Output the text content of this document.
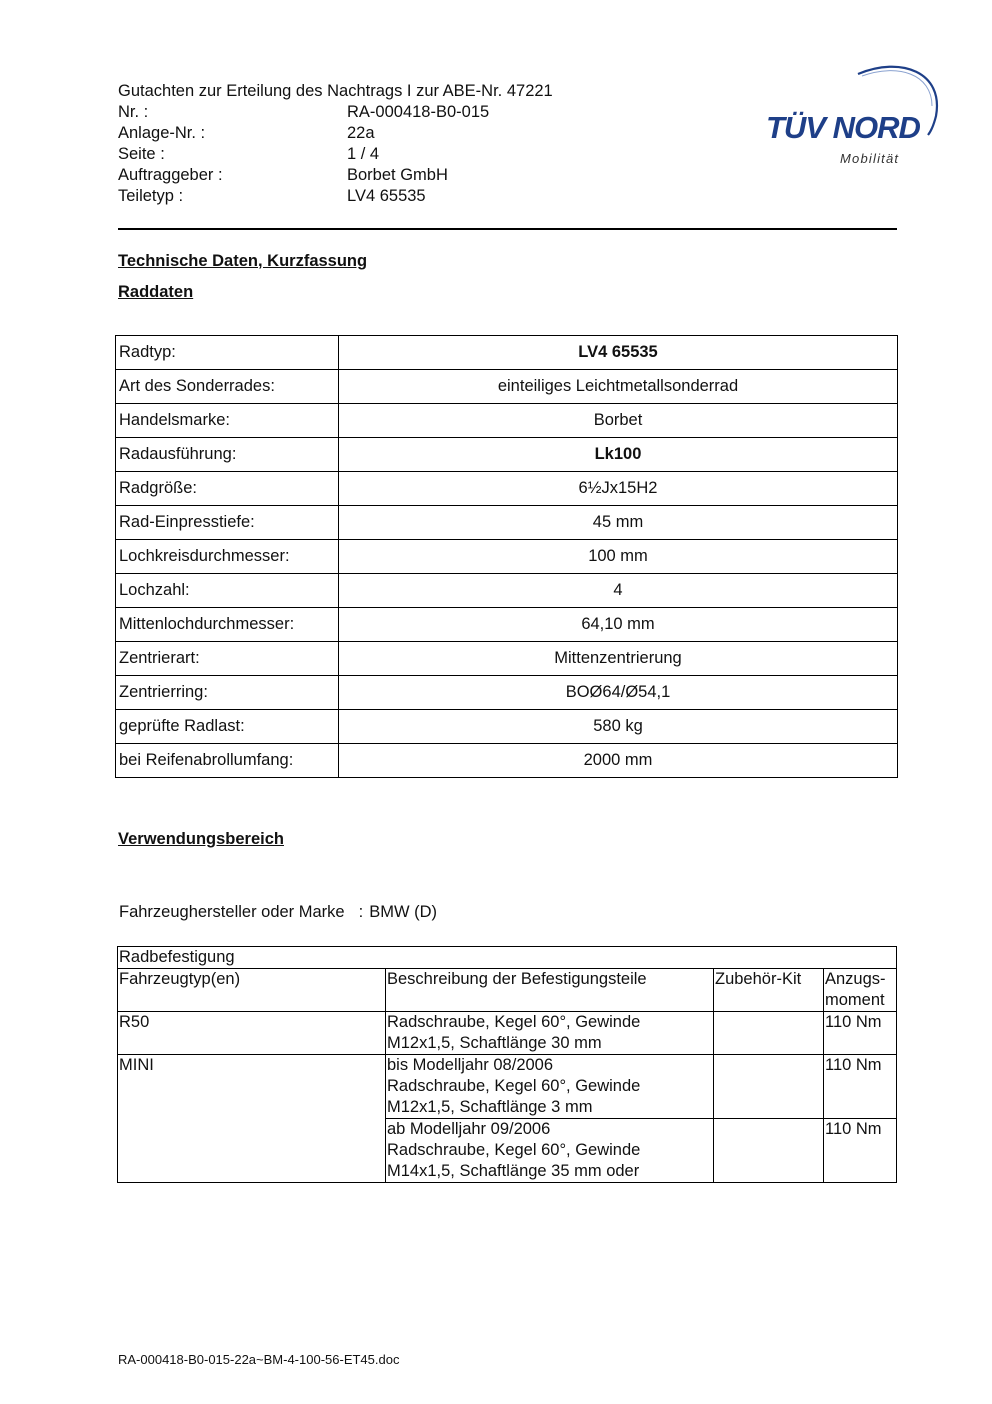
Gutachten zur Erteilung des Nachtrags I zur ABE-Nr. 47221
Nr. :	RA-000418-B0-015
Anlage-Nr. :	22a
Seite :	1 / 4
Auftraggeber :	Borbet GmbH
Teiletyp :	LV4 65535
TÜV NORD
Mobilität
Technische Daten, Kurzfassung
Raddaten
Radtyp:	LV4 65535
Art des Sonderrades:	einteiliges Leichtmetallsonderrad
Handelsmarke:	Borbet
Radausführung:	Lk100
Radgröße:	6½Jx15H2
Rad-Einpresstiefe:	45 mm
Lochkreisdurchmesser:	100 mm
Lochzahl:	4
Mittenlochdurchmesser:	64,10 mm
Zentrierart:	Mittenzentrierung
Zentrierring:	BOØ64/Ø54,1
geprüfte Radlast:	580 kg
bei Reifenabrollumfang:	2000 mm
Verwendungsbereich
Fahrzeughersteller oder Marke : BMW (D)
Radbefestigung			
Fahrzeugtyp(en)	Beschreibung der Befestigungsteile	Zubehör-Kit	Anzugs-
moment

R50	Radschraube, Kegel 60°, Gewinde
M12x1,5, Schaftlänge 30 mm		110 Nm
MINI	bis Modelljahr 08/2006
Radschraube, Kegel 60°, Gewinde
M12x1,5, Schaftlänge 3 mm		110 Nm

	ab Modelljahr 09/2006
Radschraube, Kegel 60°, Gewinde
M14x1,5, Schaftlänge 35 mm oder		110 Nm
RA-000418-B0-015-22a~BM-4-100-56-ET45.doc
